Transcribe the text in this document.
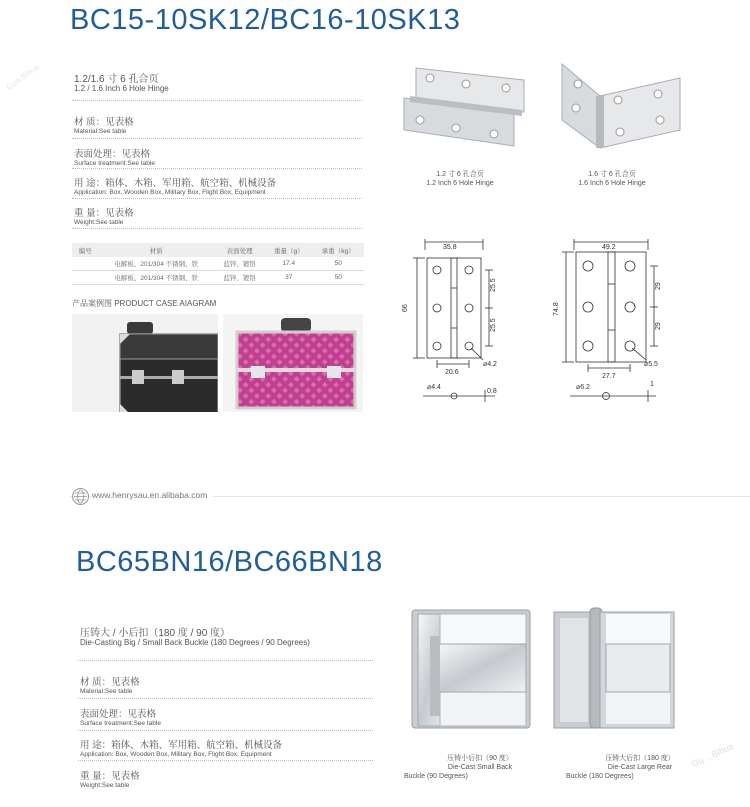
BC15-10SK12/BC16-10SK13
Gua.Bihua	1.2/1.6 寸 6 孔合页
1.2 / 1.6 Inch 6 Hole Hinge
材 质：见表格
Material:See table
表面处理：见表格
Surface treatment:See table
用 途：箱体、木箱、军用箱、航空箱、机械设备
Application: Box, Wooden Box, Military Box, Flight Box, Equipment
重 量：见表格
Weight:See table
编号	材质	表面处理	重量（g）	承重（kg）
	电解板、201/304 不锈钢、铁	蓝锌、镀铬	17.4	50
	电解板、201/304 不锈钢、铁	蓝锌、镀铬	37	50
产品案例图 PRODUCT CASE AIAGRAM
1.2 寸 6 孔合页
1.2 Inch 6 Hole Hinge
1.6 寸 6 孔合页
1.6 Inch 6 Hole Hinge
35.8
66
25.5
25.5
20.6
⌀4.2
⌀4.4
0.8
49.2
74.8
29
29
27.7
⌀5.5
⌀6.2	1
www.henrysau.en.alibaba.com
BC65BN16/BC66BN18
压铸大 / 小后扣（180 度 / 90 度）
Die-Casting Big / Small Back Buckle (180 Degrees / 90 Degrees)
材 质：见表格
Material:See table
表面处理：见表格
Surface treatment:See table
用 途：箱体、木箱、军用箱、航空箱、机械设备
Application: Box, Wooden Box, Military Box, Flight Box, Equipment
重 量：见表格
Weight:See table
压铸小后扣（90 度）
Die-Cast Small Back
Buckle (90 Degrees)
压铸大后扣（180 度）
Die-Cast Large Rear
Buckle (180 Degrees)
Gu ...Bihua
